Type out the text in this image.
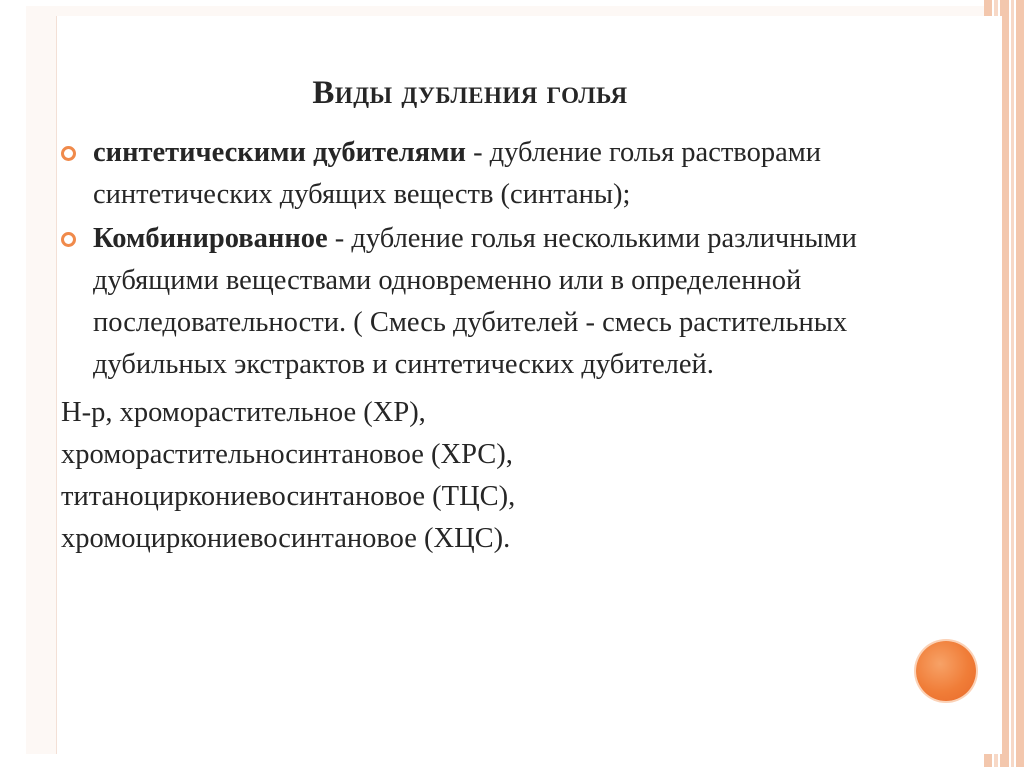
Виды дубления голья
синтетическими дубителями - дубление голья растворами синтетических дубящих веществ (синтаны);
Комбинированное - дубление голья несколькими различными дубящими веществами одновременно или в определенной последовательности. ( Смесь дубителей - смесь растительных дубильных экстрактов и синтетических дубителей.
Н-р, хроморастительное (ХР),
хроморастительносинтановое (ХРС),
титаноциркониевосинтановое (ТЦС),
хромоциркониевосинтановое (ХЦС).
